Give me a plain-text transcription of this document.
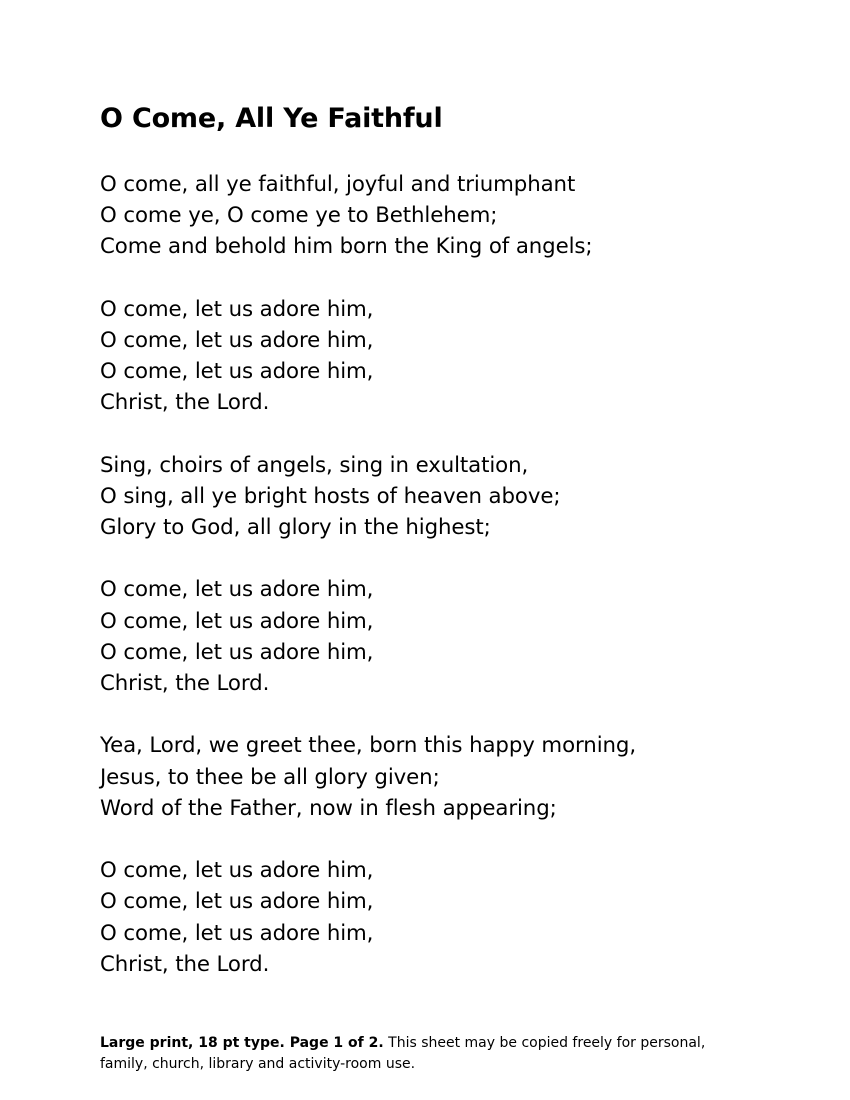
O Come, All Ye Faithful
O come, all ye faithful, joyful and triumphant
O come ye, O come ye to Bethlehem;
Come and behold him born the King of angels;
O come, let us adore him,
O come, let us adore him,
O come, let us adore him,
Christ, the Lord.
Sing, choirs of angels, sing in exultation,
O sing, all ye bright hosts of heaven above;
Glory to God, all glory in the highest;
O come, let us adore him,
O come, let us adore him,
O come, let us adore him,
Christ, the Lord.
Yea, Lord, we greet thee, born this happy morning,
Jesus, to thee be all glory given;
Word of the Father, now in flesh appearing;
O come, let us adore him,
O come, let us adore him,
O come, let us adore him,
Christ, the Lord.

Large print, 18 pt type. Page 1 of 2. This sheet may be copied freely for personal, family, church, library and activity-room use.
